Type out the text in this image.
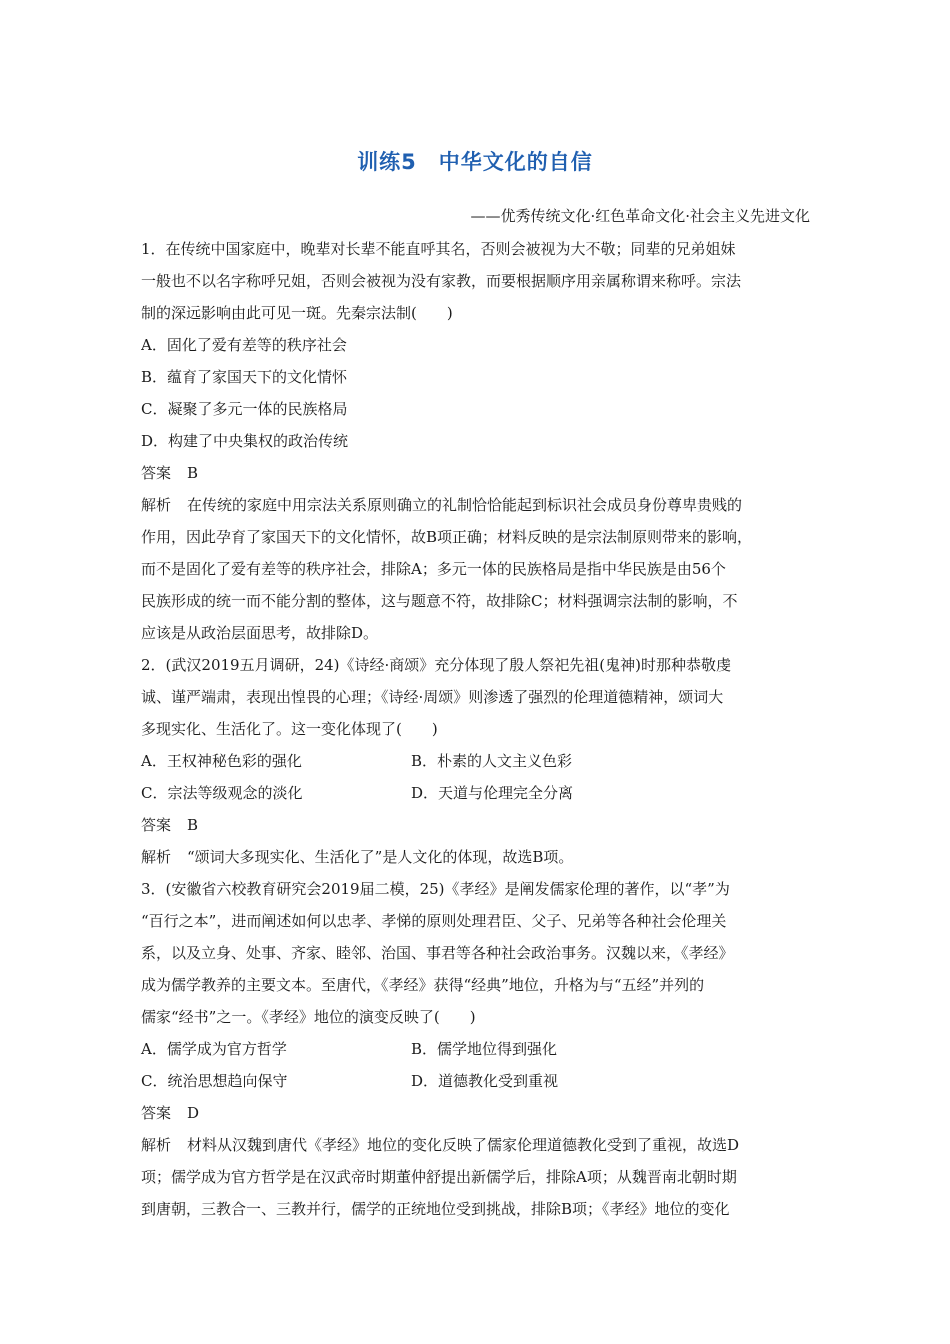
训练5　中华文化的自信
——优秀传统文化·红色革命文化·社会主义先进文化
1．在传统中国家庭中，晚辈对长辈不能直呼其名，否则会被视为大不敬；同辈的兄弟姐妹
一般也不以名字称呼兄姐，否则会被视为没有家教，而要根据顺序用亲属称谓来称呼。宗法
制的深远影响由此可见一斑。先秦宗法制(　　)
A．固化了爱有差等的秩序社会
B．蕴育了家国天下的文化情怀
C．凝聚了多元一体的民族格局
D．构建了中央集权的政治传统
答案 B
解析 在传统的家庭中用宗法关系原则确立的礼制恰恰能起到标识社会成员身份尊卑贵贱的
作用，因此孕育了家国天下的文化情怀，故B项正确；材料反映的是宗法制原则带来的影响，
而不是固化了爱有差等的秩序社会，排除A；多元一体的民族格局是指中华民族是由56个
民族形成的统一而不能分割的整体，这与题意不符，故排除C；材料强调宗法制的影响，不
应该是从政治层面思考，故排除D。
2．(武汉2019五月调研，24)《诗经·商颂》充分体现了殷人祭祀先祖(鬼神)时那种恭敬虔
诚、谨严端肃，表现出惶畏的心理；《诗经·周颂》则渗透了强烈的伦理道德精神，颂词大
多现实化、生活化了。这一变化体现了(　　)
A．王权神秘色彩的强化	B．朴素的人文主义色彩
C．宗法等级观念的淡化	D．天道与伦理完全分离
答案 B
解析 “颂词大多现实化、生活化了”是人文化的体现，故选B项。
3．(安徽省六校教育研究会2019届二模，25)《孝经》是阐发儒家伦理的著作，以“孝”为
“百行之本”，进而阐述如何以忠孝、孝悌的原则处理君臣、父子、兄弟等各种社会伦理关
系，以及立身、处事、齐家、睦邻、治国、事君等各种社会政治事务。汉魏以来，《孝经》
成为儒学教养的主要文本。至唐代，《孝经》获得“经典”地位，升格为与“五经”并列的
儒家“经书”之一。《孝经》地位的演变反映了(　　)
A．儒学成为官方哲学	B．儒学地位得到强化
C．统治思想趋向保守	D．道德教化受到重视
答案 D
解析 材料从汉魏到唐代《孝经》地位的变化反映了儒家伦理道德教化受到了重视，故选D
项；儒学成为官方哲学是在汉武帝时期董仲舒提出新儒学后，排除A项；从魏晋南北朝时期
到唐朝，三教合一、三教并行，儒学的正统地位受到挑战，排除B项；《孝经》地位的变化
